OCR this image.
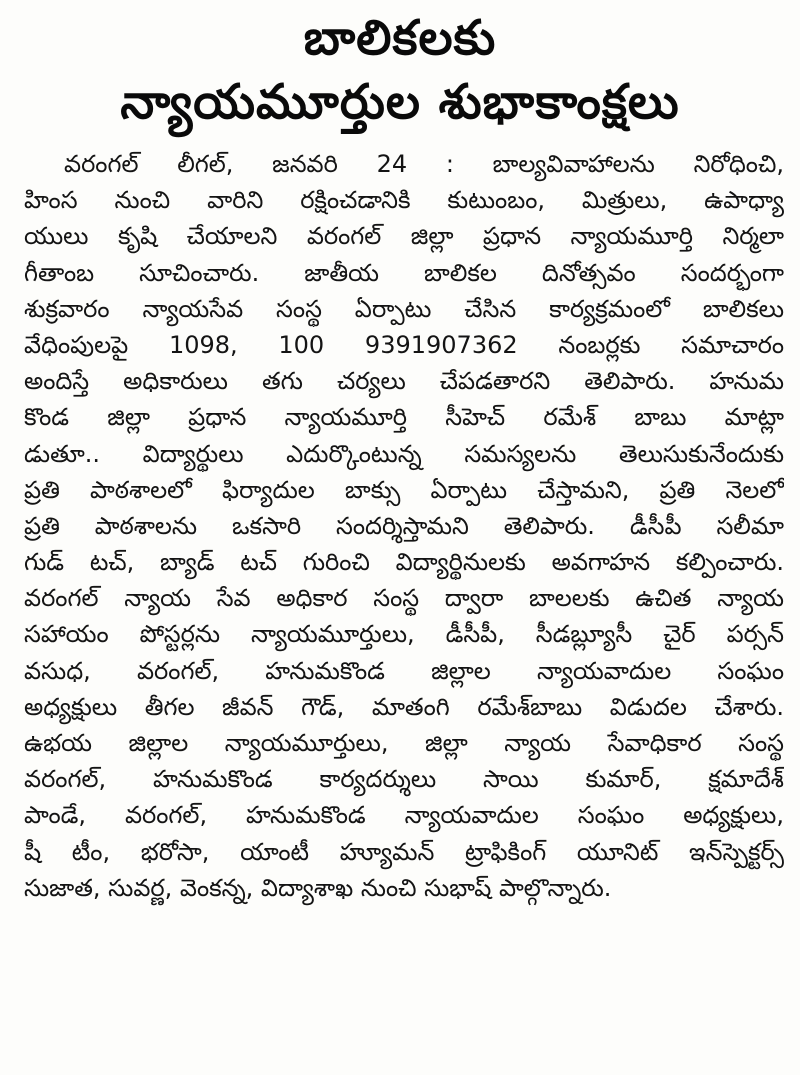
బాలికలకు
న్యాయమూర్తుల శుభాకాంక్షలు
వరంగల్ లీగల్, జనవరి 24 : బాల్యవివాహాలను నిరోధించి,
హింస నుంచి వారిని రక్షించడానికి కుటుంబం, మిత్రులు, ఉపాధ్యా
యులు కృషి చేయాలని వరంగల్ జిల్లా ప్రధాన న్యాయమూర్తి నిర్మలా
గీతాంబ సూచించారు. జాతీయ బాలికల దినోత్సవం సందర్భంగా
శుక్రవారం న్యాయసేవ సంస్థ ఏర్పాటు చేసిన కార్యక్రమంలో బాలికలు
వేధింపులపై 1098, 100 9391907362 నంబర్లకు సమాచారం
అందిస్తే అధికారులు తగు చర్యలు చేపడతారని తెలిపారు. హనుమ
కొండ జిల్లా ప్రధాన న్యాయమూర్తి సీహెచ్ రమేశ్ బాబు మాట్లా
డుతూ.. విద్యార్థులు ఎదుర్కొంటున్న సమస్యలను తెలుసుకునేందుకు
ప్రతి పాఠశాలలో ఫిర్యాదుల బాక్సు ఏర్పాటు చేస్తామని, ప్రతి నెలలో
ప్రతి పాఠశాలను ఒకసారి సందర్శిస్తామని తెలిపారు. డీసీపీ సలీమా
గుడ్ టచ్, బ్యాడ్ టచ్ గురించి విద్యార్థినులకు అవగాహన కల్పించారు.
వరంగల్ న్యాయ సేవ అధికార సంస్థ ద్వారా బాలలకు ఉచిత న్యాయ
సహాయం పోస్టర్లను న్యాయమూర్తులు, డీసీపీ, సీడబ్ల్యూసీ చైర్ పర్సన్
వసుధ, వరంగల్, హనుమకొండ జిల్లాల న్యాయవాదుల సంఘం
అధ్యక్షులు తీగల జీవన్ గౌడ్, మాతంగి రమేశ్‌బాబు విడుదల చేశారు.
ఉభయ జిల్లాల న్యాయమూర్తులు, జిల్లా న్యాయ సేవాధికార సంస్థ
వరంగల్, హనుమకొండ కార్యదర్శులు సాయి కుమార్, క్షమాదేశ్
పాండే, వరంగల్, హనుమకొండ న్యాయవాదుల సంఘం అధ్యక్షులు,
షీ టీం, భరోసా, యాంటీ హ్యూమన్ ట్రాఫికింగ్ యూనిట్ ఇన్‌స్పెక్టర్స్
సుజాత, సువర్ణ, వెంకన్న, విద్యాశాఖ నుంచి సుభాష్ పాల్గొన్నారు.
